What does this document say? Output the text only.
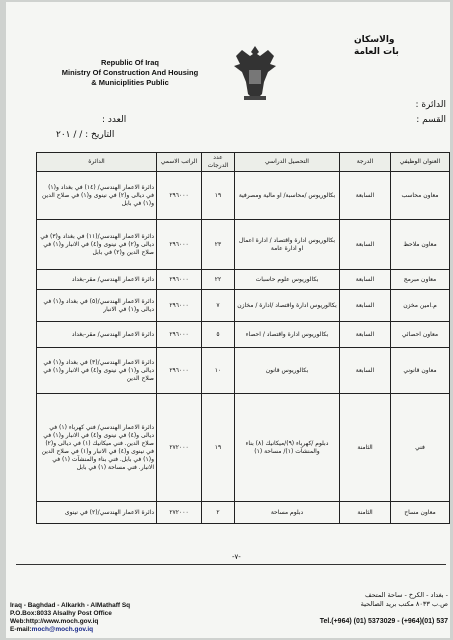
Republic Of Iraq
Ministry Of Construction And Housing
& Municiplities Public
والاسكان
بات العامة
الدائرة :
القسم :
العدد :
التاريخ : / / ٢٠١
العنوان الوظيفي	الدرجة	التحصيل الدراسي	عدد الدرجات	الراتب الاسمي	الدائرة
معاون محاسب	السابعة	بكالوريوس /محاسبة/ او مالية ومصرفية	١٩	٢٩٦٠٠٠	دائرة الاعمار الهندسي/ (١٤) في بغداد و(١) في ديالى و(٢) في نينوى و(١) في صلاح الدين و(١) في بابل
معاون ملاحظ	السابعة	بكالوريوس ادارة واقتصاد / ادارة اعمال او ادارة عامة	٢٣	٢٩٦٠٠٠	دائرة الاعمار الهندسي/(١١) في بغداد و(٣) في ديالى و(٢) في نينوى و(٤) في الانبار و(١) في صلاح الدين و(٢) في بابل
معاون مبرمج	السابعة	بكالوريوس علوم حاسبات	٢٢	٢٩٦٠٠٠	دائرة الاعمار الهندسي/ مقر-بغداد
م.امين مخزن	السابعة	بكالوريوس ادارة واقتصاد /ادارة / مخازن	٧	٢٩٦٠٠٠	دائرة الاعمار الهندسي/(٥) في بغداد و(١) في ديالى و(١) في الانبار
معاون احصائي	السابعة	بكالوريوس ادارة واقتصاد / احصاء	٥	٢٩٦٠٠٠	دائرة الاعمار الهندسي/ مقر-بغداد
معاون قانوني	السابعة	بكالوريوس قانون	١٠	٢٩٦٠٠٠	دائرة الاعمار الهندسي/(٣) في بغداد و(١) في ديالى و(١) في نينوى و(٤) في الانبار و(١) في صلاح الدين
فني	الثامنة	دبلوم /كهرباء (٩)/ميكانيك (٨) بناء والمنشآت (١)/ مساحة (١)	١٩	٢٧٢٠٠٠	دائرة الاعمار الهندسي/ فني كهرباء (١) في ديالى و(٤) في نينوى و(٤) في الانبار و(١) في صلاح الدين. فني ميكانيك (١) في ديالى و(٢) في نينوى و(٤) في الانبار و(١) في صلاح الدين و(١) في بابل. فني بناء والمنشآت (١) في الانبار. فني مساحة (١) في بابل
معاون مساح	الثامنة	دبلوم مساحة	٢	٢٧٢٠٠٠	دائرة الاعمار الهندسي/(٢) في نينوى
-٧-
Iraq - Baghdad - Alkarkh - AlMathaff Sq
P.O.Box:8033 Alsalhy Post Office
Web:http://www.moch.gov.iq
E-mail:moch@moch.gov.iq
- بغداد - الكرخ - ساحة المتحف
ص.ب ٨٠٣٣ مكتب بريد الصالحية
Tel.(+964) (01) 5373029 - (+964)(01) 537
